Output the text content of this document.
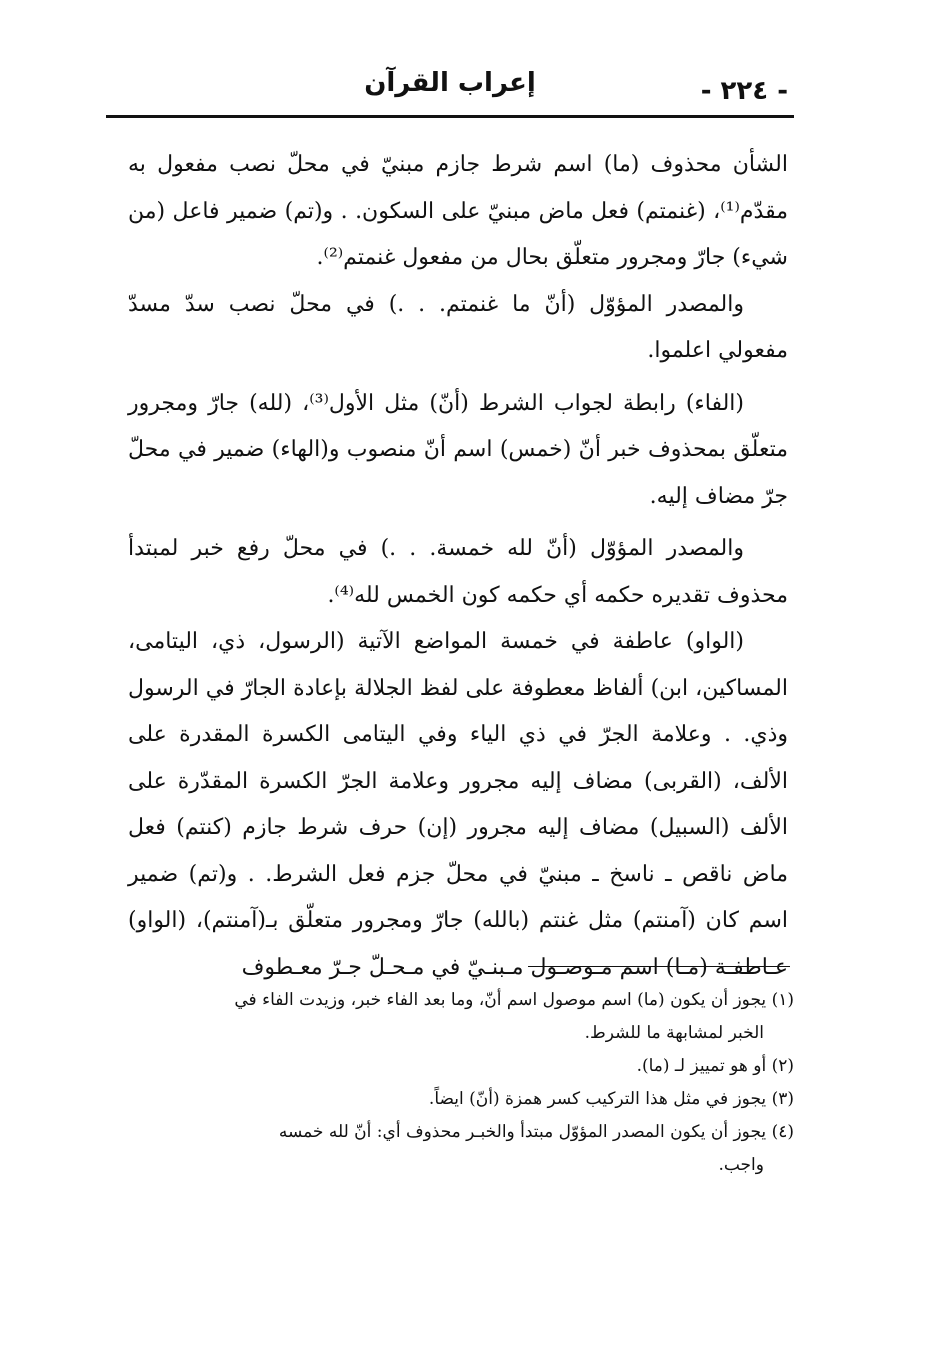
- ٢٢٤ -
إعراب القرآن

الشأن محذوف (ما) اسم شرط جازم مبنيّ في محلّ نصب مفعول به مقدّم⁽¹⁾، (غنمتم) فعل ماض مبنيّ على السكون. . و(تم) ضمير فاعل (من شيء) جارّ ومجرور متعلّق بحال من مفعول غنمتم⁽²⁾.

والمصدر المؤوّل (أنّ ما غنمتم. . .) في محلّ نصب سدّ مسدّ مفعولي اعلموا.

(الفاء) رابطة لجواب الشرط (أنّ) مثل الأول⁽³⁾، (لله) جارّ ومجرور متعلّق بمحذوف خبر أنّ (خمس) اسم أنّ منصوب و(الهاء) ضمير في محلّ جرّ مضاف إليه.

والمصدر المؤوّل (أنّ لله خمسة. . .) في محلّ رفع خبر لمبتدأ محذوف تقديره حكمه أي حكمه كون الخمس لله⁽⁴⁾.

(الواو) عاطفة في خمسة المواضع الآتية (الرسول، ذي، اليتامى، المساكين، ابن) ألفاظ معطوفة على لفظ الجلالة بإعادة الجارّ في الرسول وذي. . وعلامة الجرّ في ذي الياء وفي اليتامى الكسرة المقدرة على الألف، (القربى) مضاف إليه مجرور وعلامة الجرّ الكسرة المقدّرة على الألف (السبيل) مضاف إليه مجرور (إن) حرف شرط جازم (كنتم) فعل ماض ناقص ـ ناسخ ـ مبنيّ في محلّ جزم فعل الشرط. . و(تم) ضمير اسم كان (آمنتم) مثل غنتم (بالله) جارّ ومجرور متعلّق بـ(آمنتم)، (الواو) عـاطفـة (مـا) اسم مـوصـول مـبنـيّ في مـحـلّ جـرّ معـطوف

(١) يجوز أن يكون (ما) اسم موصول اسم أنّ، وما بعد الفاء خبر، وزيدت الفاء في
الخبر لمشابهة ما للشرط.

(٢) أو هو تمييز لـ (ما).

(٣) يجوز في مثل هذا التركيب كسر همزة (أنّ) ايضاً.

(٤) يجوز أن يكون المصدر المؤوّل مبتدأ والخبـر محذوف أي: أنّ لله خمسه
واجب.
